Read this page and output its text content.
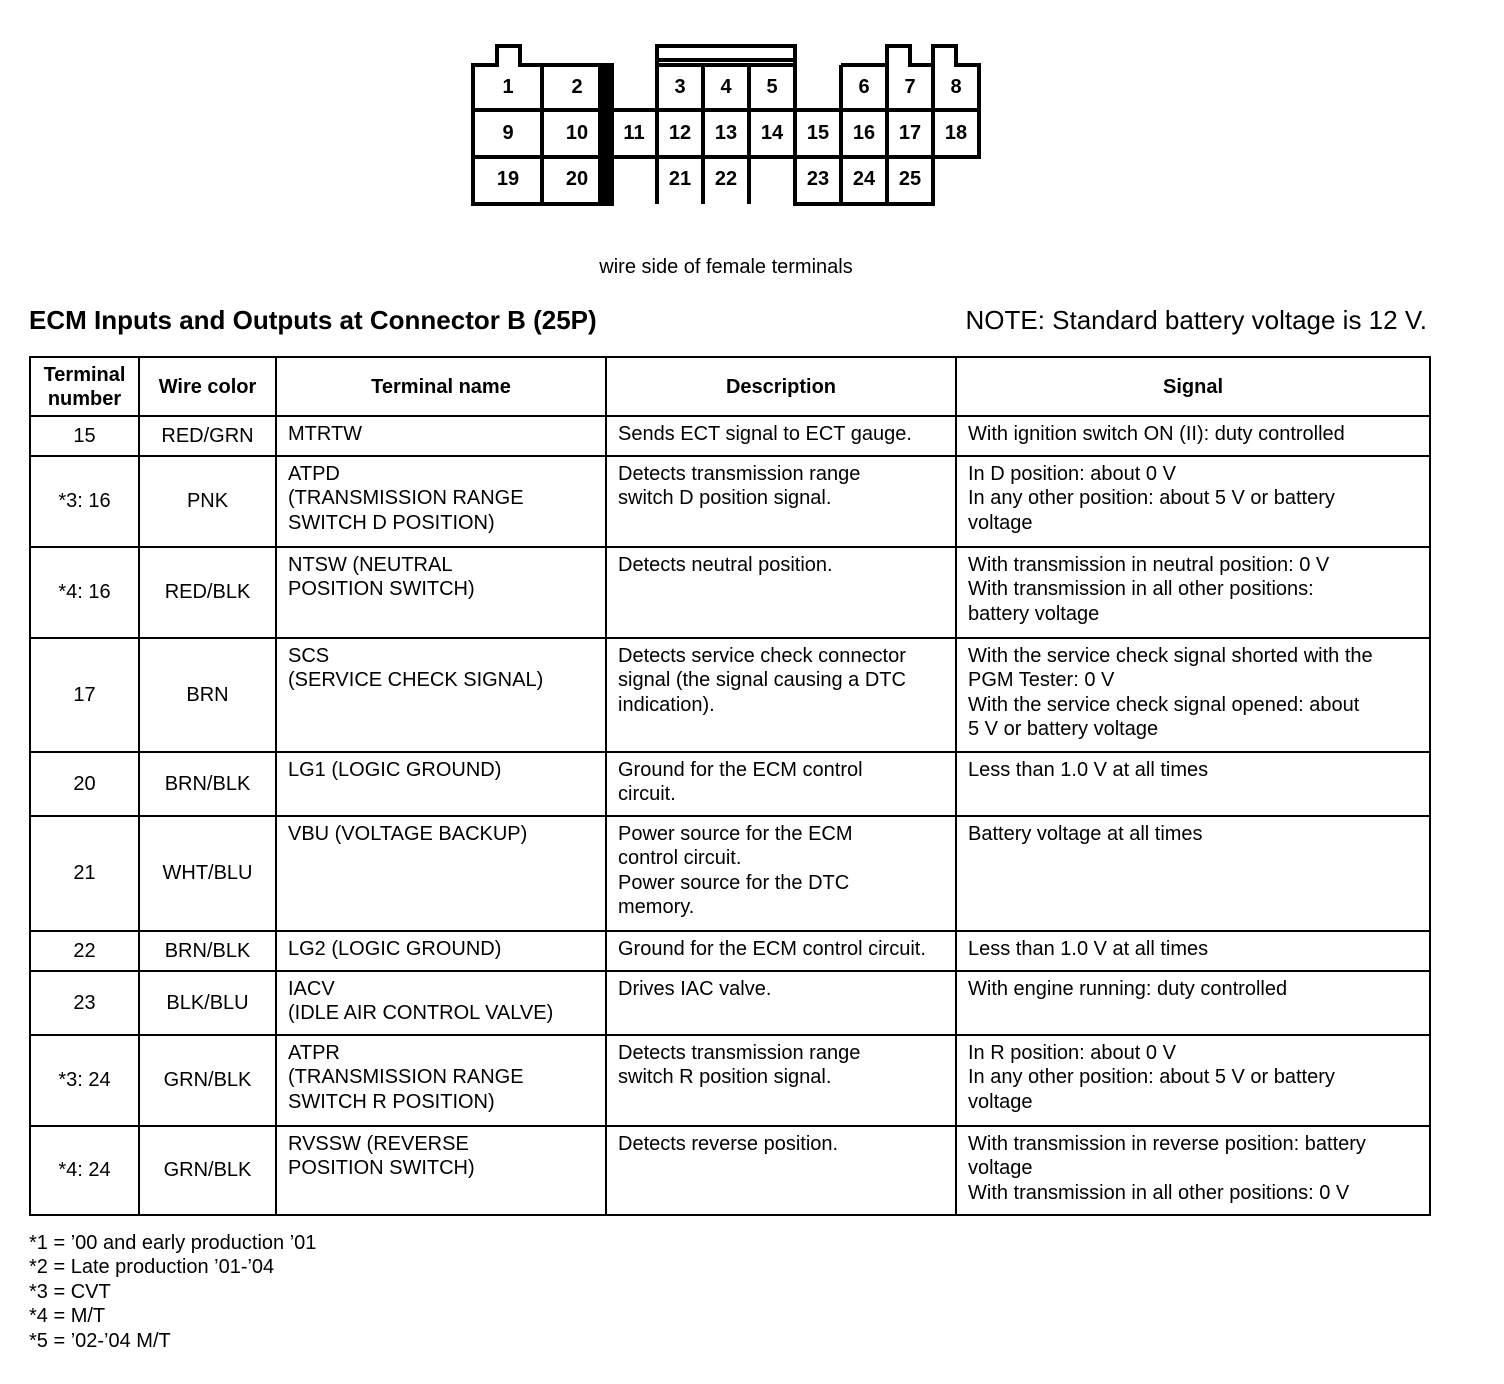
1	2	3 4 5	6 7 8
9	10 11 12 13 14 15 16 17 18
19 20	21 22	23 24 25
wire side of female terminals
ECM Inputs and Outputs at Connector B (25P)	NOTE: Standard battery voltage is 12 V.
Terminal
number	Wire color	Terminal name	Description	Signal
15	RED/GRN	MTRTW	Sends ECT signal to ECT gauge.	With ignition switch ON (II): duty controlled

*3: 16	PNK	ATPD
(TRANSMISSION RANGE
SWITCH D POSITION)	Detects transmission range
switch D position signal.	In D position: about 0 V
In any other position: about 5 V or battery
voltage

*4: 16	RED/BLK	NTSW (NEUTRAL
POSITION SWITCH)	Detects neutral position.	With transmission in neutral position: 0 V
With transmission in all other positions:
battery voltage

17	BRN	SCS
(SERVICE CHECK SIGNAL)	Detects service check connector
signal (the signal causing a DTC
indication).	With the service check signal shorted with the
PGM Tester: 0 V
With the service check signal opened: about
5 V or battery voltage

20	BRN/BLK	LG1 (LOGIC GROUND)	Ground for the ECM control
circuit.	Less than 1.0 V at all times

21	WHT/BLU	VBU (VOLTAGE BACKUP)	Power source for the ECM
control circuit.
Power source for the DTC
memory.	Battery voltage at all times

22	BRN/BLK	LG2 (LOGIC GROUND)	Ground for the ECM control circuit.	Less than 1.0 V at all times

23	BLK/BLU	IACV
(IDLE AIR CONTROL VALVE)	Drives IAC valve.	With engine running: duty controlled

*3: 24	GRN/BLK	ATPR
(TRANSMISSION RANGE
SWITCH R POSITION)	Detects transmission range
switch R position signal.	In R position: about 0 V
In any other position: about 5 V or battery
voltage

*4: 24	GRN/BLK	RVSSW (REVERSE
POSITION SWITCH)	Detects reverse position.	With transmission in reverse position: battery
voltage
With transmission in all other positions: 0 V
*1 = ’00 and early production ’01
*2 = Late production ’01-’04
*3 = CVT
*4 = M/T
*5 = ’02-’04 M/T
